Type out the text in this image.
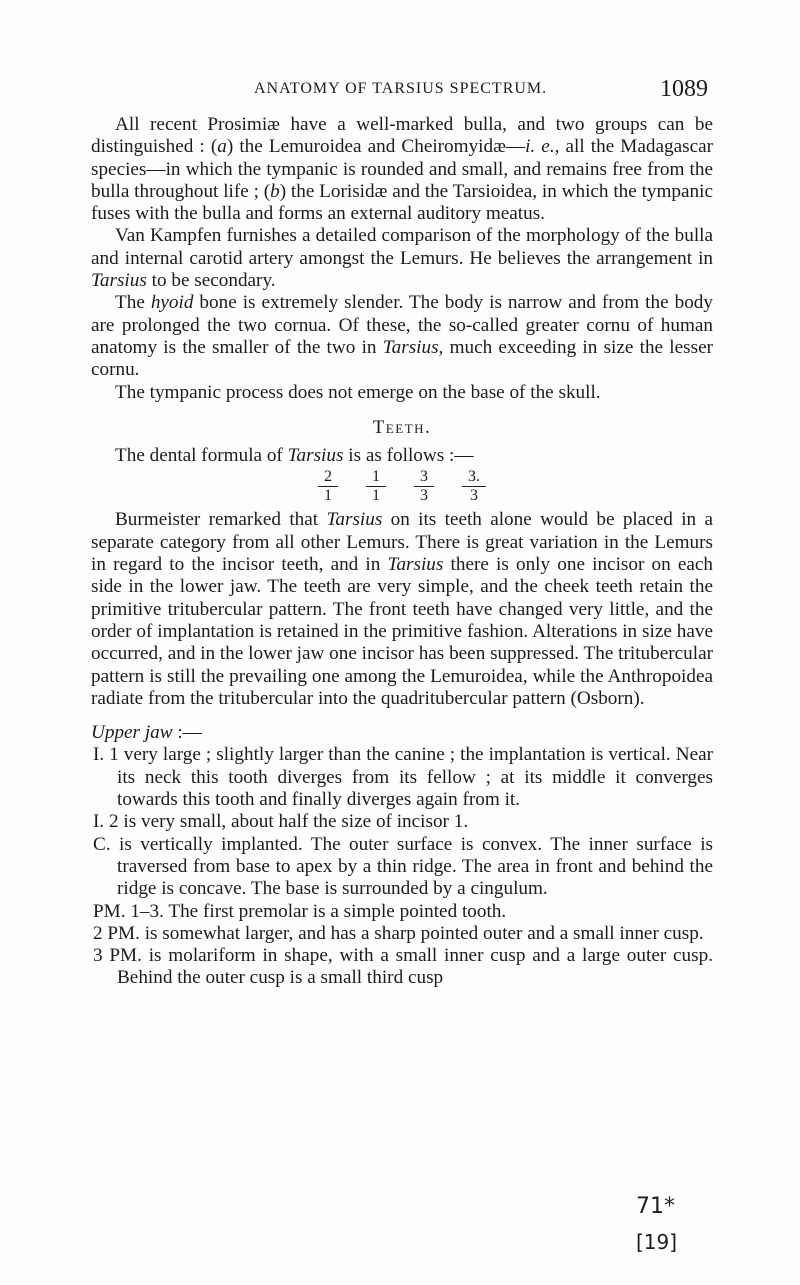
ANATOMY OF TARSIUS SPECTRUM.	1089

All recent Prosimiæ have a well-marked bulla, and two groups can be distinguished : (a) the Lemuroidea and Cheiromyidæ—i. e., all the Madagascar species—in which the tympanic is rounded and small, and remains free from the bulla throughout life ; (b) the Lorisidæ and the Tarsioidea, in which the tympanic fuses with the bulla and forms an external auditory meatus.

Van Kampfen furnishes a detailed comparison of the morphology of the bulla and internal carotid artery amongst the Lemurs. He believes the arrangement in Tarsius to be secondary.

The hyoid bone is extremely slender. The body is narrow and from the body are prolonged the two cornua. Of these, the so-called greater cornu of human anatomy is the smaller of the two in Tarsius, much exceeding in size the lesser cornu.

The tympanic process does not emerge on the base of the skull.

Teeth.

The dental formula of Tarsius is as follows :—

$\frac{2}{1} \frac{1}{1} \frac{3}{3} \frac{3.}{3}$

Burmeister remarked that Tarsius on its teeth alone would be placed in a separate category from all other Lemurs. There is great variation in the Lemurs in regard to the incisor teeth, and in Tarsius there is only one incisor on each side in the lower jaw. The teeth are very simple, and the cheek teeth retain the primitive tritubercular pattern. The front teeth have changed very little, and the order of implantation is retained in the primitive fashion. Alterations in size have occurred, and in the lower jaw one incisor has been suppressed. The tritubercular pattern is still the prevailing one among the Lemuroidea, while the Anthropoidea radiate from the tritubercular into the quadritubercular pattern (Osborn).

Upper jaw :—

I. 1 very large ; slightly larger than the canine ; the implantation is vertical. Near its neck this tooth diverges from its fellow ; at its middle it converges towards this tooth and finally diverges again from it.

I. 2 is very small, about half the size of incisor 1.

C. is vertically implanted. The outer surface is convex. The inner surface is traversed from base to apex by a thin ridge. The area in front and behind the ridge is concave. The base is surrounded by a cingulum.

PM. 1–3. The first premolar is a simple pointed tooth.

2 PM. is somewhat larger, and has a sharp pointed outer and a small inner cusp.

3 PM. is molariform in shape, with a small inner cusp and a large outer cusp. Behind the outer cusp is a small third cusp

71*
[19]
